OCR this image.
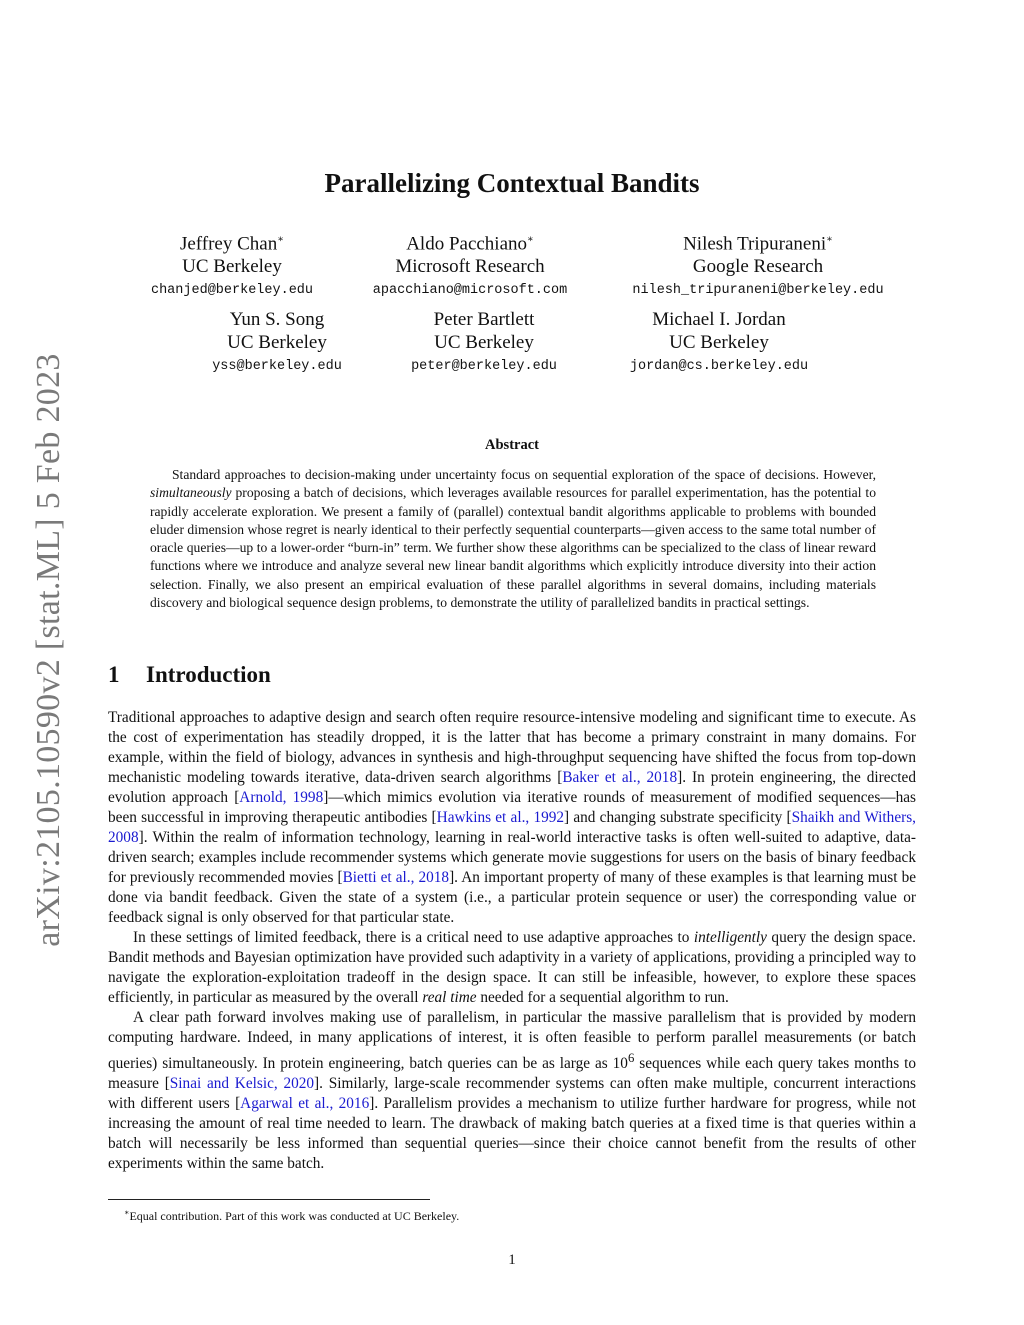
arXiv:2105.10590v2 [stat.ML] 5 Feb 2023
Parallelizing Contextual Bandits
Jeffrey Chan∗
UC Berkeley
chanjed@berkeley.edu
Aldo Pacchiano∗
Microsoft Research
apacchiano@microsoft.com
Nilesh Tripuraneni∗
Google Research
nilesh_tripuraneni@berkeley.edu
Yun S. Song
UC Berkeley
yss@berkeley.edu
Peter Bartlett
UC Berkeley
peter@berkeley.edu
Michael I. Jordan
UC Berkeley
jordan@cs.berkeley.edu
Abstract

Standard approaches to decision-making under uncertainty focus on sequential exploration of the space of decisions. However, simultaneously proposing a batch of decisions, which leverages available resources for parallel experimentation, has the potential to rapidly accelerate exploration. We present a family of (parallel) contextual bandit algorithms applicable to problems with bounded eluder dimension whose regret is nearly identical to their perfectly sequential counterparts—given access to the same total number of oracle queries—up to a lower-order “burn-in” term. We further show these algorithms can be specialized to the class of linear reward functions where we introduce and analyze several new linear bandit algorithms which explicitly introduce diversity into their action selection. Finally, we also present an empirical evaluation of these parallel algorithms in several domains, including materials discovery and biological sequence design problems, to demonstrate the utility of parallelized bandits in practical settings.

1 Introduction

Traditional approaches to adaptive design and search often require resource-intensive modeling and significant time to execute. As the cost of experimentation has steadily dropped, it is the latter that has become a primary constraint in many domains. For example, within the field of biology, advances in synthesis and high-throughput sequencing have shifted the focus from top-down mechanistic modeling towards iterative, data-driven search algorithms [Baker et al., 2018]. In protein engineering, the directed evolution approach [Arnold, 1998]—which mimics evolution via iterative rounds of measurement of modified sequences—has been successful in improving therapeutic antibodies [Hawkins et al., 1992] and changing substrate specificity [Shaikh and Withers, 2008]. Within the realm of information technology, learning in real-world interactive tasks is often well-suited to adaptive, data-driven search; examples include recommender systems which generate movie suggestions for users on the basis of binary feedback for previously recommended movies [Bietti et al., 2018]. An important property of many of these examples is that learning must be done via bandit feedback. Given the state of a system (i.e., a particular protein sequence or user) the corresponding value or feedback signal is only observed for that particular state.

In these settings of limited feedback, there is a critical need to use adaptive approaches to intelligently query the design space. Bandit methods and Bayesian optimization have provided such adaptivity in a variety of applications, providing a principled way to navigate the exploration-exploitation tradeoff in the design space. It can still be infeasible, however, to explore these spaces efficiently, in particular as measured by the overall real time needed for a sequential algorithm to run.

A clear path forward involves making use of parallelism, in particular the massive parallelism that is provided by modern computing hardware. Indeed, in many applications of interest, it is often feasible to perform parallel measurements (or batch queries) simultaneously. In protein engineering, batch queries can be as large as $10^6$ sequences while each query takes months to measure [Sinai and Kelsic, 2020]. Similarly, large-scale recommender systems can often make multiple, concurrent interactions with different users [Agarwal et al., 2016]. Parallelism provides a mechanism to utilize further hardware for progress, while not increasing the amount of real time needed to learn. The drawback of making batch queries at a fixed time is that queries within a batch will necessarily be less informed than sequential queries—since their choice cannot benefit from the results of other experiments within the same batch.

∗Equal contribution. Part of this work was conducted at UC Berkeley.
1
